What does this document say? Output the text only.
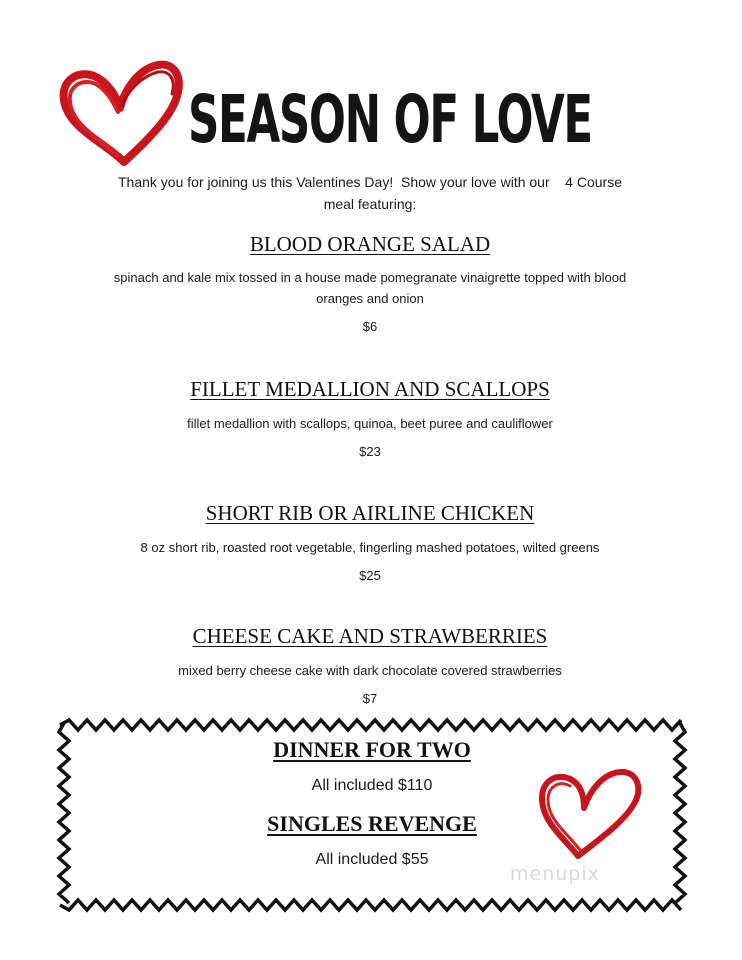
SEASON OF LOVE
Thank you for joining us this Valentines Day!  Show your love with our    4 Course
meal featuring:
BLOOD ORANGE SALAD
spinach and kale mix tossed in a house made pomegranate vinaigrette topped with blood oranges and onion
$6
FILLET MEDALLION AND SCALLOPS
fillet medallion with scallops, quinoa, beet puree and cauliflower
$23
SHORT RIB OR AIRLINE CHICKEN
8 oz short rib, roasted root vegetable, fingerling mashed potatoes, wilted greens
$25
CHEESE CAKE AND STRAWBERRIES
mixed berry cheese cake with dark chocolate covered strawberries
$7
DINNER FOR TWO
All included $110
SINGLES REVENGE
All included $55
menupix
